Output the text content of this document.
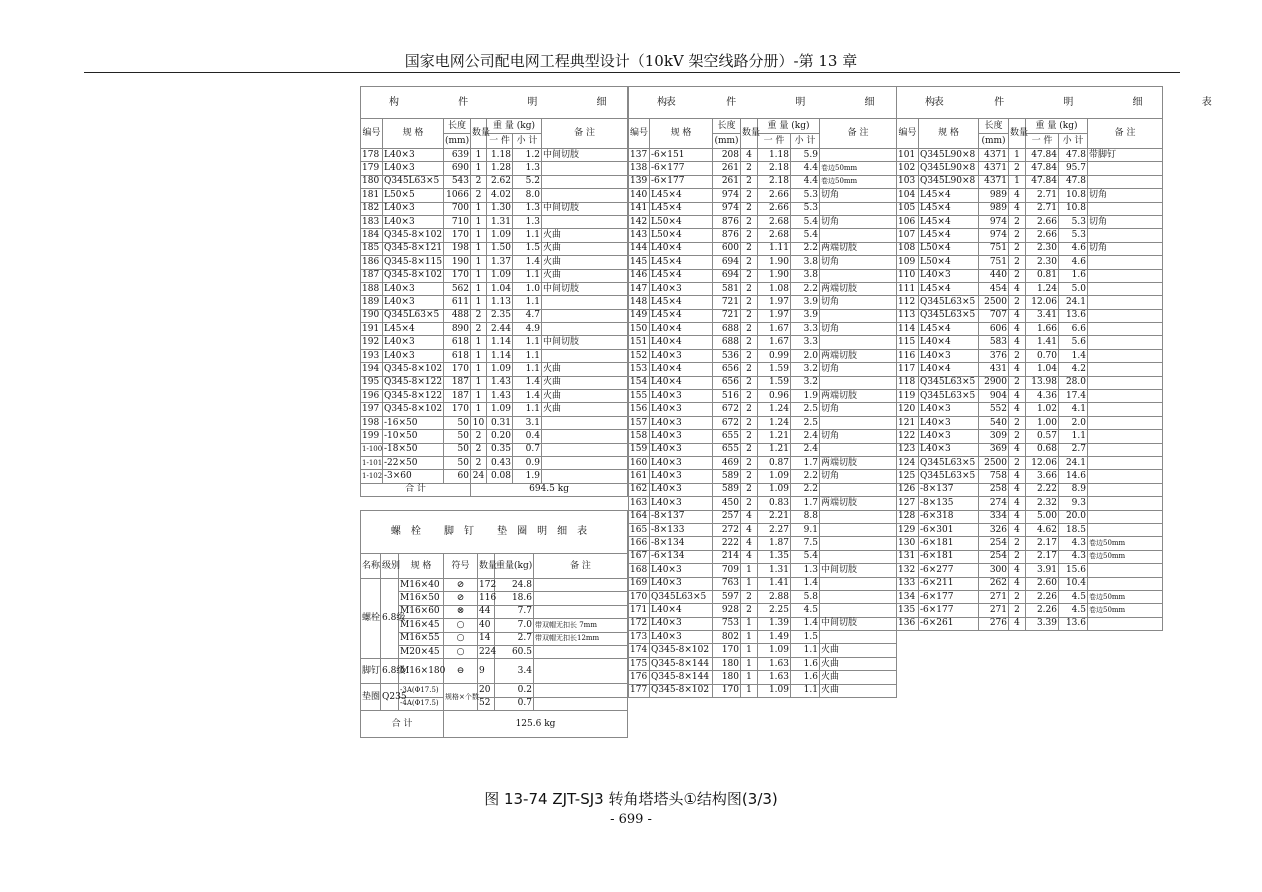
国家电网公司配电网工程典型设计（10kV 架空线路分册）-第 13 章
构 件 明 细 表						
编号	规 格	长度	数量	重 量 (kg)		备 注
		(mm)		一 件	小 计	
178	L40×3	639	1	1.18	1.2	中间切肢
179	L40×3	690	1	1.28	1.3	
180	Q345L63×5	543	2	2.62	5.2	
181	L50×5	1066	2	4.02	8.0	
182	L40×3	700	1	1.30	1.3	中间切肢
183	L40×3	710	1	1.31	1.3	
184	Q345-8×102	170	1	1.09	1.1	火曲
185	Q345-8×121	198	1	1.50	1.5	火曲
186	Q345-8×115	190	1	1.37	1.4	火曲
187	Q345-8×102	170	1	1.09	1.1	火曲
188	L40×3	562	1	1.04	1.0	中间切肢
189	L40×3	611	1	1.13	1.1	
190	Q345L63×5	488	2	2.35	4.7	
191	L45×4	890	2	2.44	4.9	
192	L40×3	618	1	1.14	1.1	中间切肢
193	L40×3	618	1	1.14	1.1	
194	Q345-8×102	170	1	1.09	1.1	火曲
195	Q345-8×122	187	1	1.43	1.4	火曲
196	Q345-8×122	187	1	1.43	1.4	火曲
197	Q345-8×102	170	1	1.09	1.1	火曲
198	-16×50	50	10	0.31	3.1	
199	-10×50	50	2	0.20	0.4	
1-100	-18×50	50	2	0.35	0.7	
1-101	-22×50	50	2	0.43	0.9	
1-102	-3×60	60	24	0.08	1.9	
合 计			694.5 kg			
螺栓 脚钉 垫圈明细表						
名称	级别	规 格	符号	数量	重量(kg)	备 注
螺栓	6.8级	M16×40	⊘	172	24.8	
		M16×50	⊘	116	18.6	
		M16×60	⊗	44	7.7	
		M16×45	○	40	7.0	带双帽无扣长 7mm
		M16×55	○	14	2.7	带双帽无扣长12mm
		M20×45	○	224	60.5	
脚钉	6.8级	M16×180	⊖	9	3.4	
垫圈	Q235	-3A(Φ17.5)	规格×个数	20	0.2	
		-4A(Φ17.5)		52	0.7	
合 计			125.6 kg			
构 件 明 细 表						
编号	规 格	长度	数量	重 量 (kg)		备 注
		(mm)		一 件	小 计	
137	-6×151	208	4	1.18	5.9	
138	-6×177	261	2	2.18	4.4	卷边50mm
139	-6×177	261	2	2.18	4.4	卷边50mm
140	L45×4	974	2	2.66	5.3	切角
141	L45×4	974	2	2.66	5.3	
142	L50×4	876	2	2.68	5.4	切角
143	L50×4	876	2	2.68	5.4	
144	L40×4	600	2	1.11	2.2	两端切肢
145	L45×4	694	2	1.90	3.8	切角
146	L45×4	694	2	1.90	3.8	
147	L40×3	581	2	1.08	2.2	两端切肢
148	L45×4	721	2	1.97	3.9	切角
149	L45×4	721	2	1.97	3.9	
150	L40×4	688	2	1.67	3.3	切角
151	L40×4	688	2	1.67	3.3	
152	L40×3	536	2	0.99	2.0	两端切肢
153	L40×4	656	2	1.59	3.2	切角
154	L40×4	656	2	1.59	3.2	
155	L40×3	516	2	0.96	1.9	两端切肢
156	L40×3	672	2	1.24	2.5	切角
157	L40×3	672	2	1.24	2.5	
158	L40×3	655	2	1.21	2.4	切角
159	L40×3	655	2	1.21	2.4	
160	L40×3	469	2	0.87	1.7	两端切肢
161	L40×3	589	2	1.09	2.2	切角
162	L40×3	589	2	1.09	2.2	
163	L40×3	450	2	0.83	1.7	两端切肢
164	-8×137	257	4	2.21	8.8	
165	-8×133	272	4	2.27	9.1	
166	-8×134	222	4	1.87	7.5	
167	-6×134	214	4	1.35	5.4	
168	L40×3	709	1	1.31	1.3	中间切肢
169	L40×3	763	1	1.41	1.4	
170	Q345L63×5	597	2	2.88	5.8	
171	L40×4	928	2	2.25	4.5	
172	L40×3	753	1	1.39	1.4	中间切肢
173	L40×3	802	1	1.49	1.5	
174	Q345-8×102	170	1	1.09	1.1	火曲
175	Q345-8×144	180	1	1.63	1.6	火曲
176	Q345-8×144	180	1	1.63	1.6	火曲
177	Q345-8×102	170	1	1.09	1.1	火曲
构 件 明 细 表						
编号	规 格	长度	数量	重 量 (kg)		备 注
		(mm)		一 件	小 计	
101	Q345L90×8	4371	1	47.84	47.8	带脚钉
102	Q345L90×8	4371	2	47.84	95.7	
103	Q345L90×8	4371	1	47.84	47.8	
104	L45×4	989	4	2.71	10.8	切角
105	L45×4	989	4	2.71	10.8	
106	L45×4	974	2	2.66	5.3	切角
107	L45×4	974	2	2.66	5.3	
108	L50×4	751	2	2.30	4.6	切角
109	L50×4	751	2	2.30	4.6	
110	L40×3	440	2	0.81	1.6	
111	L45×4	454	4	1.24	5.0	
112	Q345L63×5	2500	2	12.06	24.1	
113	Q345L63×5	707	4	3.41	13.6	
114	L45×4	606	4	1.66	6.6	
115	L40×4	583	4	1.41	5.6	
116	L40×3	376	2	0.70	1.4	
117	L40×4	431	4	1.04	4.2	
118	Q345L63×5	2900	2	13.98	28.0	
119	Q345L63×5	904	4	4.36	17.4	
120	L40×3	552	4	1.02	4.1	
121	L40×3	540	2	1.00	2.0	
122	L40×3	309	2	0.57	1.1	
123	L40×3	369	4	0.68	2.7	
124	Q345L63×5	2500	2	12.06	24.1	
125	Q345L63×5	758	4	3.66	14.6	
126	-8×137	258	4	2.22	8.9	
127	-8×135	274	4	2.32	9.3	
128	-6×318	334	4	5.00	20.0	
129	-6×301	326	4	4.62	18.5	
130	-6×181	254	2	2.17	4.3	卷边50mm
131	-6×181	254	2	2.17	4.3	卷边50mm
132	-6×277	300	4	3.91	15.6	
133	-6×211	262	4	2.60	10.4	
134	-6×177	271	2	2.26	4.5	卷边50mm
135	-6×177	271	2	2.26	4.5	卷边50mm
136	-6×261	276	4	3.39	13.6	
图 13-74 ZJT-SJ3 转角塔塔头①结构图(3/3)
- 699 -
